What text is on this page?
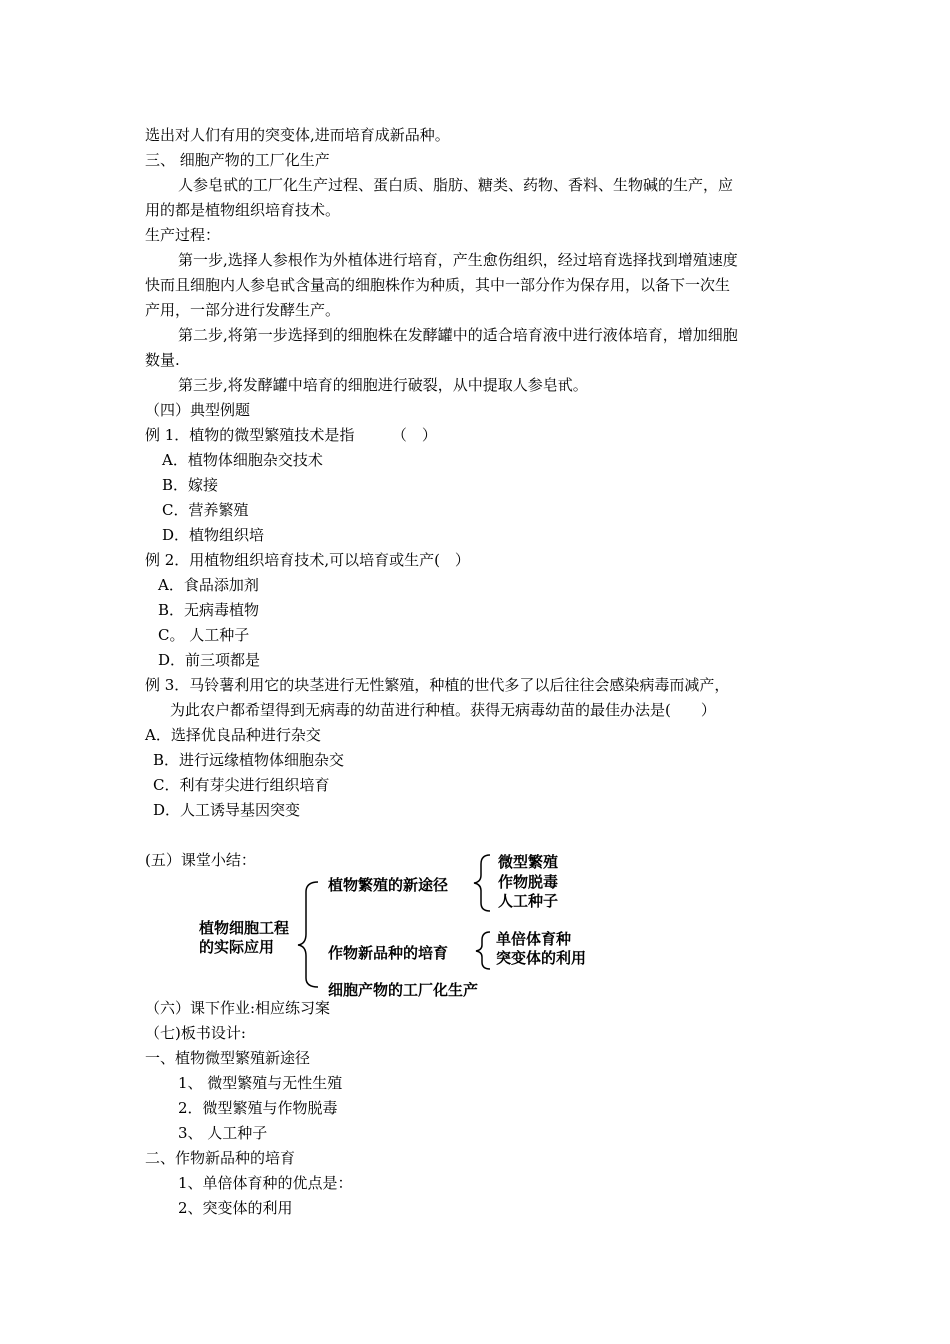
选出对人们有用的突变体,进而培育成新品种。
三、 细胞产物的工厂化生产
人参皂甙的工厂化生产过程、蛋白质、脂肪、糖类、药物、香料、生物碱的生产，应
用的都是植物组织培育技术。
生产过程：
第一步,选择人参根作为外植体进行培育，产生愈伤组织，经过培育选择找到增殖速度
快而且细胞内人参皂甙含量高的细胞株作为种质，其中一部分作为保存用，以备下一次生
产用，一部分进行发酵生产。
第二步,将第一步选择到的细胞株在发酵罐中的适合培育液中进行液体培育，增加细胞
数量.
第三步,将发酵罐中培育的细胞进行破裂，从中提取人参皂甙。
（四）典型例题
例 1．植物的微型繁殖技术是指　　　（　）
A．植物体细胞杂交技术
B．嫁接
C．营养繁殖
D．植物组织培
例 2．用植物组织培育技术,可以培育或生产(　）
A．食品添加剂
B．无病毒植物
C。 人工种子
D．前三项都是
例 3．马铃薯利用它的块茎进行无性繁殖，种植的世代多了以后往往会感染病毒而减产，
为此农户都希望得到无病毒的幼苗进行种植。获得无病毒幼苗的最佳办法是(　　）
A．选择优良品种进行杂交
B．进行远缘植物体细胞杂交
C．利有芽尖进行组织培育
D．人工诱导基因突变
(五）课堂小结：
植物细胞工程
的实际应用
植物繁殖的新途径
微型繁殖
作物脱毒
人工种子
作物新品种的培育
单倍体育种
突变体的利用
（六）课下作业:相应练习案
细胞产物的工厂化生产
（七)板书设计:
一、植物微型繁殖新途径
1、 微型繁殖与无性生殖
2．微型繁殖与作物脱毒
3、 人工种子
二、作物新品种的培育
1、单倍体育种的优点是：
2、突变体的利用
